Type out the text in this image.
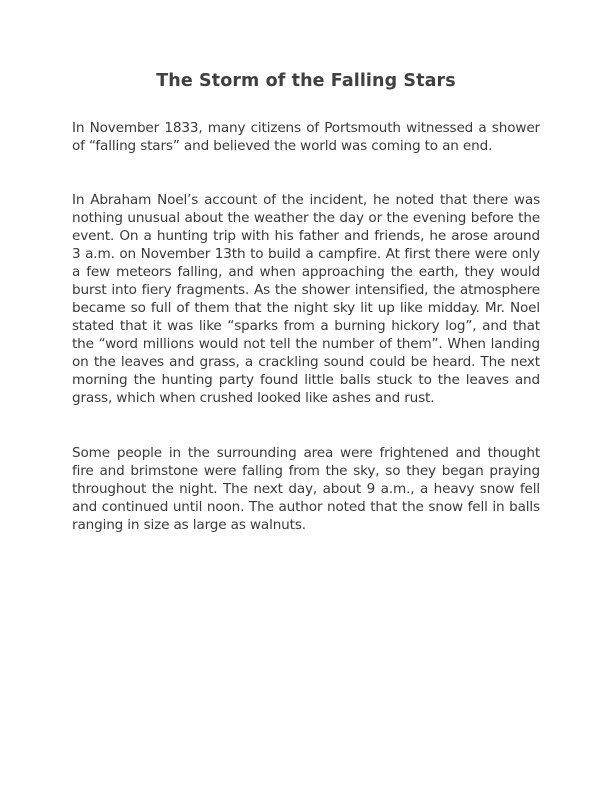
The Storm of the Falling Stars

In November 1833, many citizens of Portsmouth witnessed a shower of “falling stars” and believed the world was coming to an end.

In Abraham Noel’s account of the incident, he noted that there was nothing unusual about the weather the day or the evening before the event. On a hunting trip with his father and friends, he arose around 3 a.m. on November 13th to build a campfire. At first there were only a few meteors falling, and when approaching the earth, they would burst into fiery fragments. As the shower intensified, the atmosphere became so full of them that the night sky lit up like midday. Mr. Noel stated that it was like “sparks from a burning hickory log”, and that the “word millions would not tell the number of them”. When landing on the leaves and grass, a crackling sound could be heard. The next morning the hunting party found little balls stuck to the leaves and grass, which when crushed looked like ashes and rust.

Some people in the surrounding area were frightened and thought fire and brimstone were falling from the sky, so they began praying throughout the night. The next day, about 9 a.m., a heavy snow fell and continued until noon. The author noted that the snow fell in balls ranging in size as large as walnuts.
